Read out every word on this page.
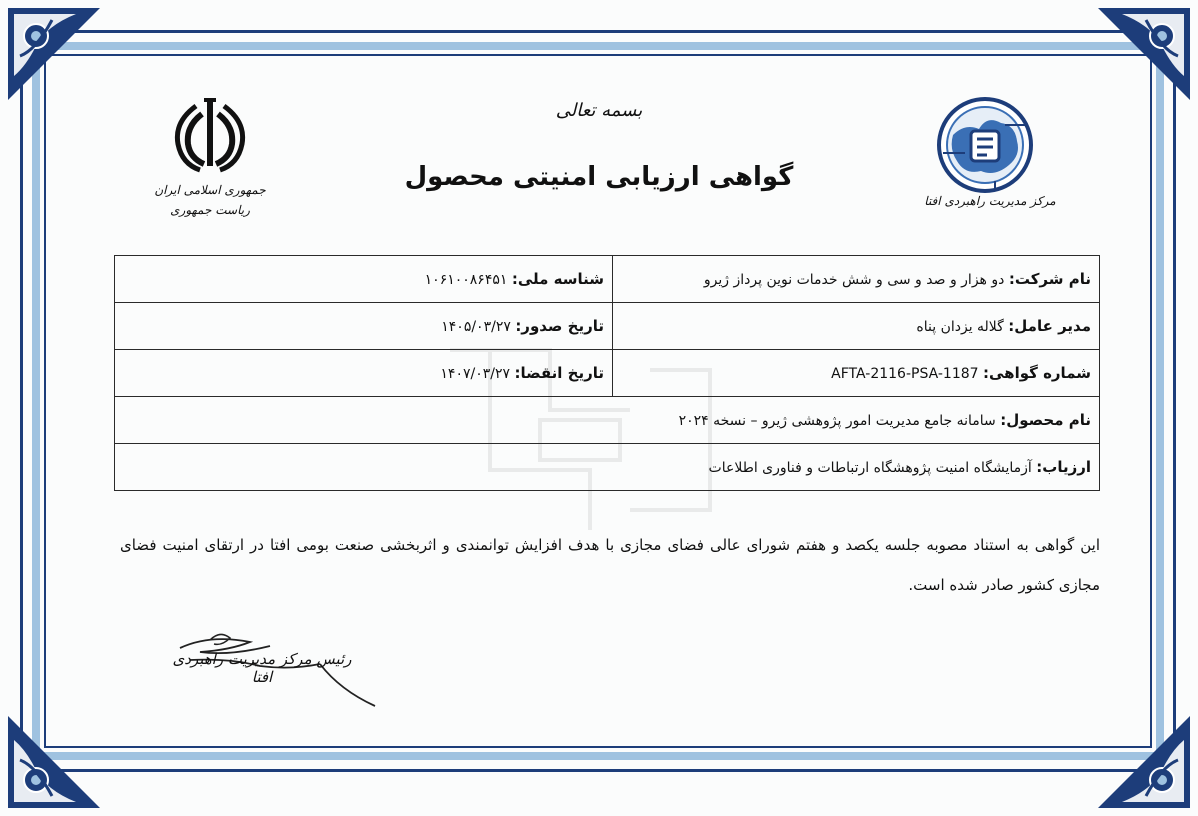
بسمه تعالی
گواهی ارزیابی امنیتی محصول
جمهوری اسلامی ایران
ریاست جمهوری
مرکز مدیریت راهبردی افتا
نام شرکت: دو هزار و صد و سی و شش خدمات نوین پرداز ژیرو	شناسه ملی: ۱۰۶۱۰۰۸۶۴۵۱
مدیر عامل: گلاله یزدان پناه	تاریخ صدور: ۱۴۰۵/۰۳/۲۷
شماره گواهی: AFTA-2116-PSA-1187	تاریخ انقضا: ۱۴۰۷/۰۳/۲۷
نام محصول: سامانه جامع مدیریت امور پژوهشی ژیرو – نسخه ۲۰۲۴	
ارزیاب: آزمایشگاه امنیت پژوهشگاه ارتباطات و فناوری اطلاعات	
این گواهی به استناد مصوبه جلسه یکصد و هفتم شورای عالی فضای مجازی با هدف افزایش توانمندی و اثربخشی صنعت بومی افتا در ارتقای امنیت فضای مجازی کشور صادر شده است.
رئیس مرکز مدیریت راهبردی افتا
